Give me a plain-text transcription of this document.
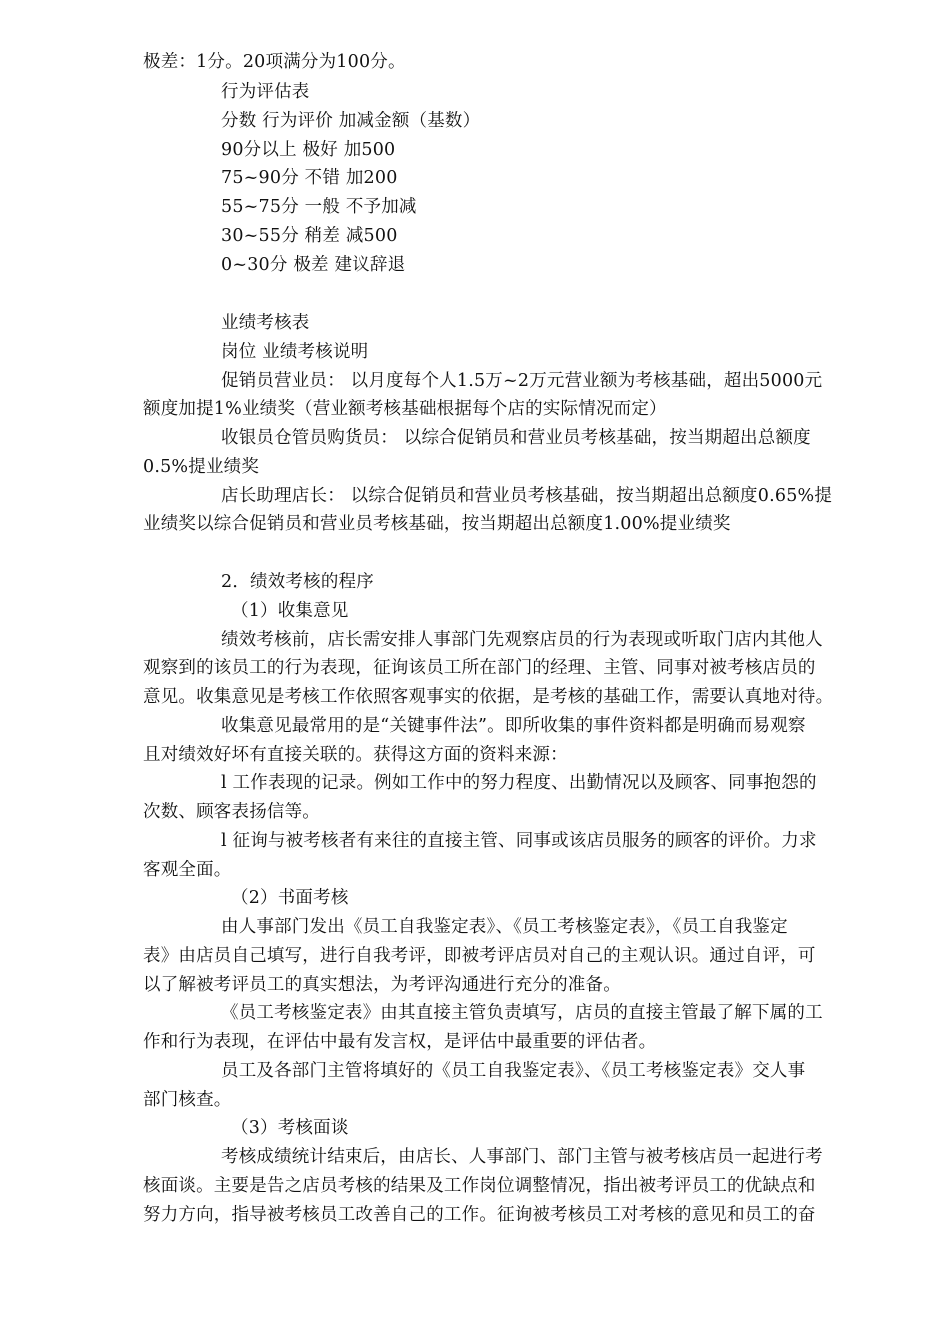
极差：1分。20项满分为100分。
行为评估表
分数 行为评价 加减金额（基数）
90分以上 极好 加500
75~90分 不错 加200
55~75分 一般 不予加减
30~55分 稍差 减500
0~30分 极差 建议辞退
业绩考核表
岗位 业绩考核说明
促销员营业员： 以月度每个人1.5万~2万元营业额为考核基础，超出5000元
额度加提1%业绩奖（营业额考核基础根据每个店的实际情况而定）
收银员仓管员购货员： 以综合促销员和营业员考核基础，按当期超出总额度
0.5%提业绩奖
店长助理店长： 以综合促销员和营业员考核基础，按当期超出总额度0.65%提
业绩奖以综合促销员和营业员考核基础，按当期超出总额度1.00%提业绩奖
2．绩效考核的程序
（1）收集意见
绩效考核前，店长需安排人事部门先观察店员的行为表现或听取门店内其他人
观察到的该员工的行为表现，征询该员工所在部门的经理、主管、同事对被考核店员的
意见。收集意见是考核工作依照客观事实的依据，是考核的基础工作，需要认真地对待。
收集意见最常用的是“关键事件法”。即所收集的事件资料都是明确而易观察
且对绩效好坏有直接关联的。获得这方面的资料来源：
l 工作表现的记录。例如工作中的努力程度、出勤情况以及顾客、同事抱怨的
次数、顾客表扬信等。
l 征询与被考核者有来往的直接主管、同事或该店员服务的顾客的评价。力求
客观全面。
（2）书面考核
由人事部门发出《员工自我鉴定表》、《员工考核鉴定表》，《员工自我鉴定
表》由店员自己填写，进行自我考评，即被考评店员对自己的主观认识。通过自评，可
以了解被考评员工的真实想法，为考评沟通进行充分的准备。
《员工考核鉴定表》由其直接主管负责填写，店员的直接主管最了解下属的工
作和行为表现，在评估中最有发言权，是评估中最重要的评估者。
员工及各部门主管将填好的《员工自我鉴定表》、《员工考核鉴定表》交人事
部门核查。
（3）考核面谈
考核成绩统计结束后，由店长、人事部门、部门主管与被考核店员一起进行考
核面谈。主要是告之店员考核的结果及工作岗位调整情况，指出被考评员工的优缺点和
努力方向，指导被考核员工改善自己的工作。征询被考核员工对考核的意见和员工的奋
